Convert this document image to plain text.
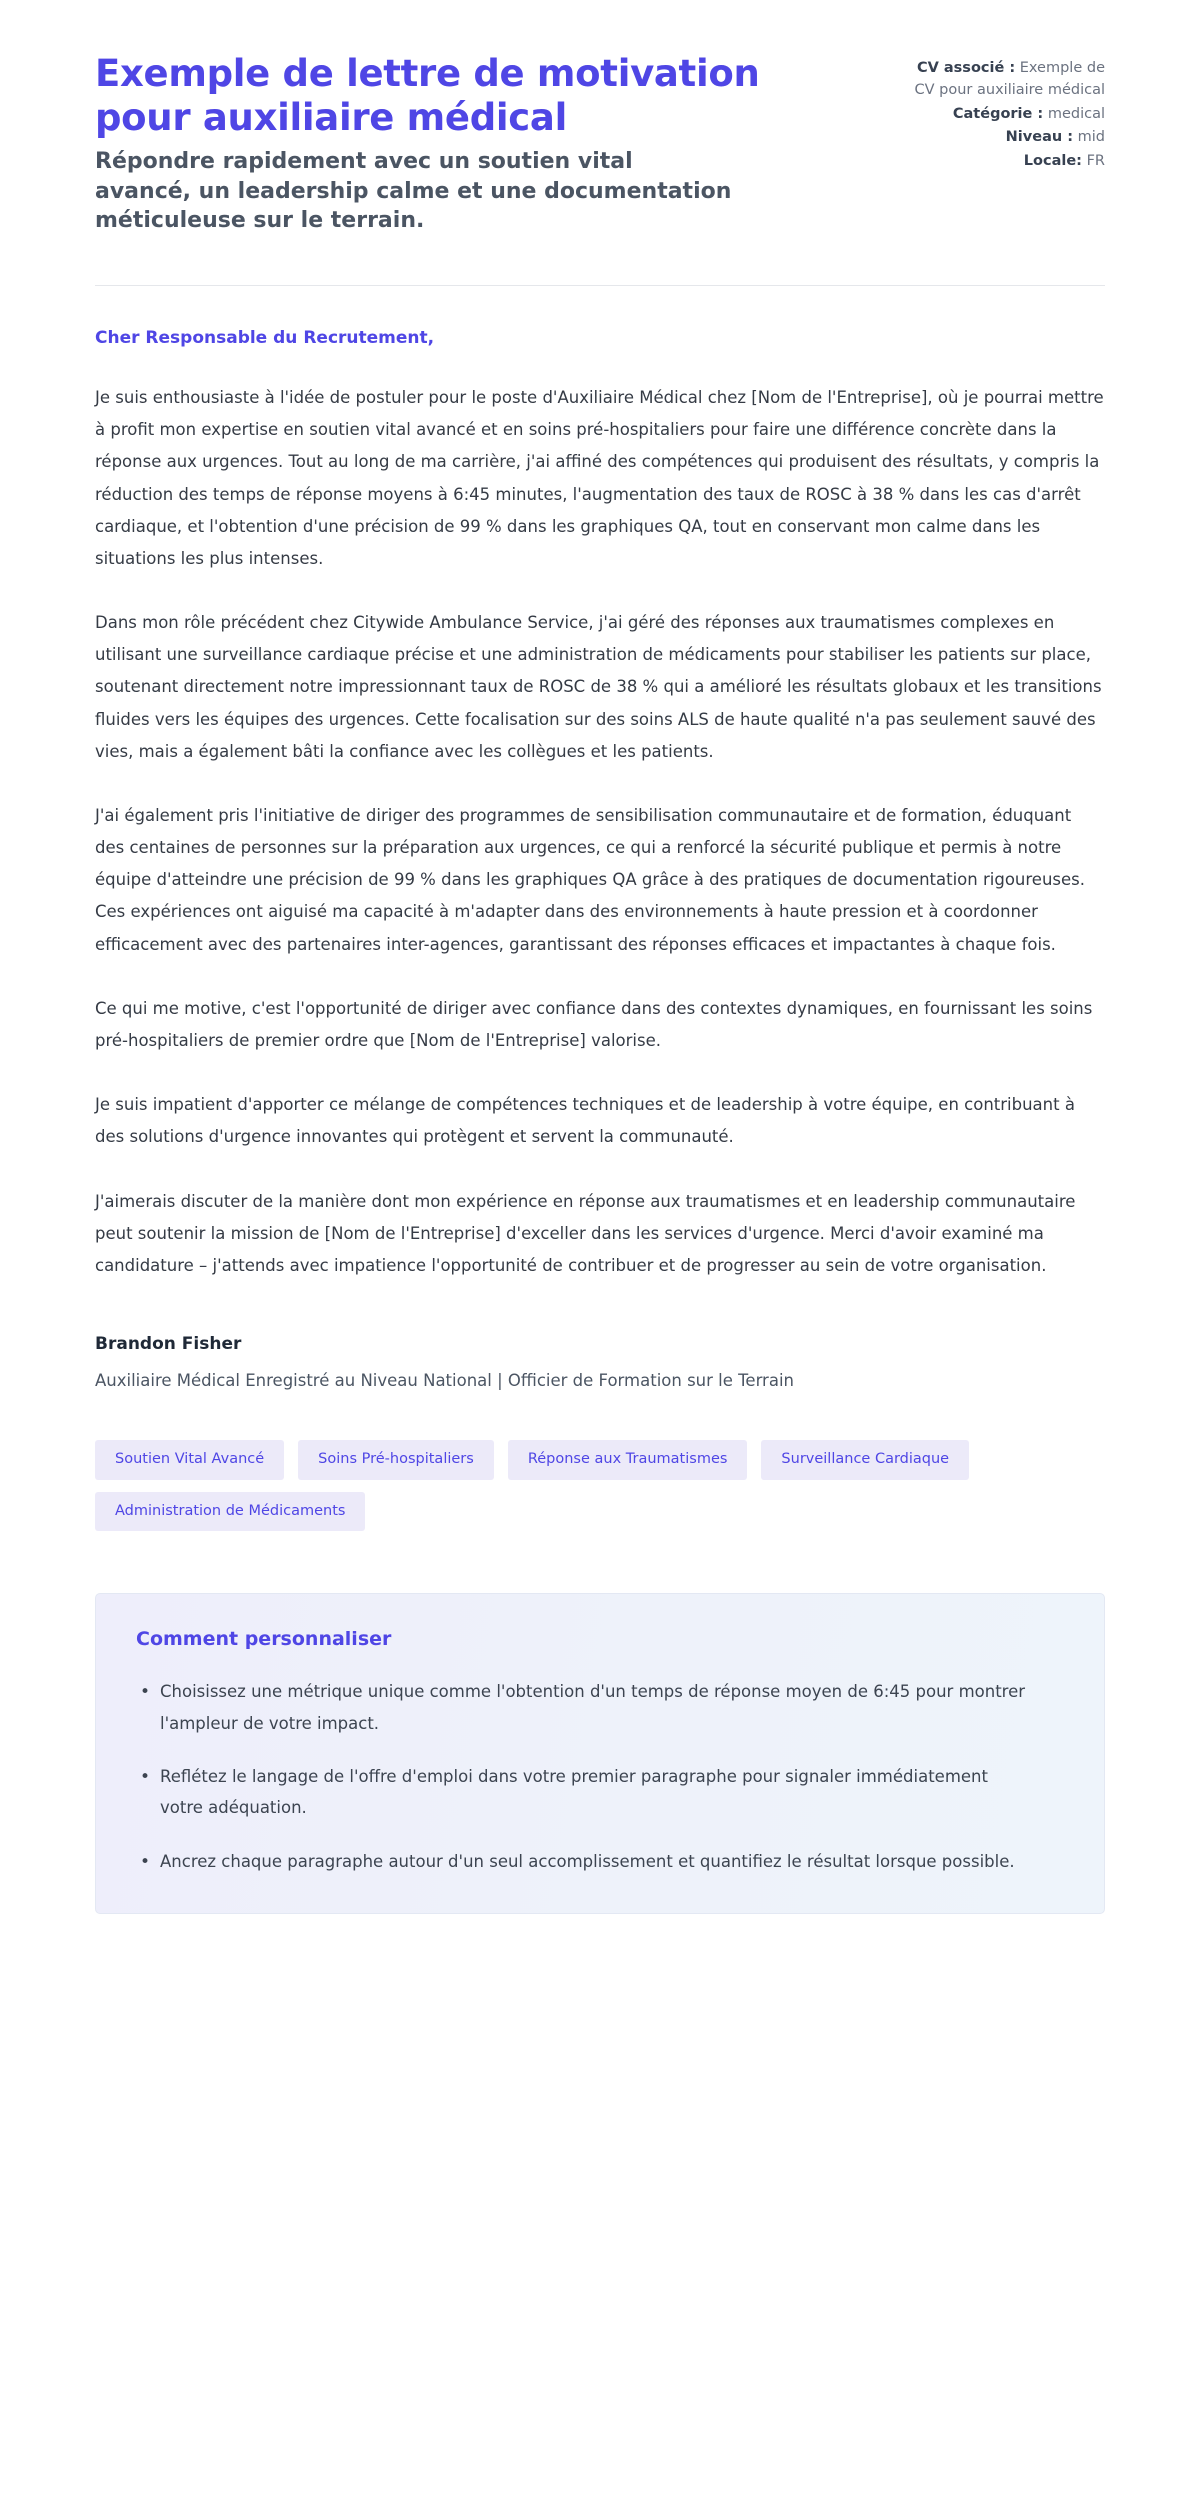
Exemple de lettre de motivation pour auxiliaire médical

Répondre rapidement avec un soutien vital avancé, un leadership calme et une documentation méticuleuse sur le terrain.

CV associé : Exemple de CV pour auxiliaire médical
Catégorie : medical
Niveau : mid
Locale: FR

Cher Responsable du Recrutement,

Je suis enthousiaste à l'idée de postuler pour le poste d'Auxiliaire Médical chez [Nom de l'Entreprise], où je pourrai mettre à profit mon expertise en soutien vital avancé et en soins pré-hospitaliers pour faire une différence concrète dans la réponse aux urgences. Tout au long de ma carrière, j'ai affiné des compétences qui produisent des résultats, y compris la réduction des temps de réponse moyens à 6:45 minutes, l'augmentation des taux de ROSC à 38 % dans les cas d'arrêt cardiaque, et l'obtention d'une précision de 99 % dans les graphiques QA, tout en conservant mon calme dans les situations les plus intenses.

Dans mon rôle précédent chez Citywide Ambulance Service, j'ai géré des réponses aux traumatismes complexes en utilisant une surveillance cardiaque précise et une administration de médicaments pour stabiliser les patients sur place, soutenant directement notre impressionnant taux de ROSC de 38 % qui a amélioré les résultats globaux et les transitions fluides vers les équipes des urgences. Cette focalisation sur des soins ALS de haute qualité n'a pas seulement sauvé des vies, mais a également bâti la confiance avec les collègues et les patients.

J'ai également pris l'initiative de diriger des programmes de sensibilisation communautaire et de formation, éduquant des centaines de personnes sur la préparation aux urgences, ce qui a renforcé la sécurité publique et permis à notre équipe d'atteindre une précision de 99 % dans les graphiques QA grâce à des pratiques de documentation rigoureuses. Ces expériences ont aiguisé ma capacité à m'adapter dans des environnements à haute pression et à coordonner efficacement avec des partenaires inter-agences, garantissant des réponses efficaces et impactantes à chaque fois.

Ce qui me motive, c'est l'opportunité de diriger avec confiance dans des contextes dynamiques, en fournissant les soins pré-hospitaliers de premier ordre que [Nom de l'Entreprise] valorise.

Je suis impatient d'apporter ce mélange de compétences techniques et de leadership à votre équipe, en contribuant à des solutions d'urgence innovantes qui protègent et servent la communauté.

J'aimerais discuter de la manière dont mon expérience en réponse aux traumatismes et en leadership communautaire peut soutenir la mission de [Nom de l'Entreprise] d'exceller dans les services d'urgence. Merci d'avoir examiné ma candidature – j'attends avec impatience l'opportunité de contribuer et de progresser au sein de votre organisation.

Brandon Fisher
Auxiliaire Médical Enregistré au Niveau National | Officier de Formation sur le Terrain
Soutien Vital Avancé	Soins Pré-hospitaliers	Réponse aux Traumatismes	Surveillance Cardiaque
Administration de Médicaments
Comment personnaliser
• Choisissez une métrique unique comme l'obtention d'un temps de réponse moyen de 6:45 pour montrer l'ampleur de votre impact.
• Reflétez le langage de l'offre d'emploi dans votre premier paragraphe pour signaler immédiatement votre adéquation.
• Ancrez chaque paragraphe autour d'un seul accomplissement et quantifiez le résultat lorsque possible.
